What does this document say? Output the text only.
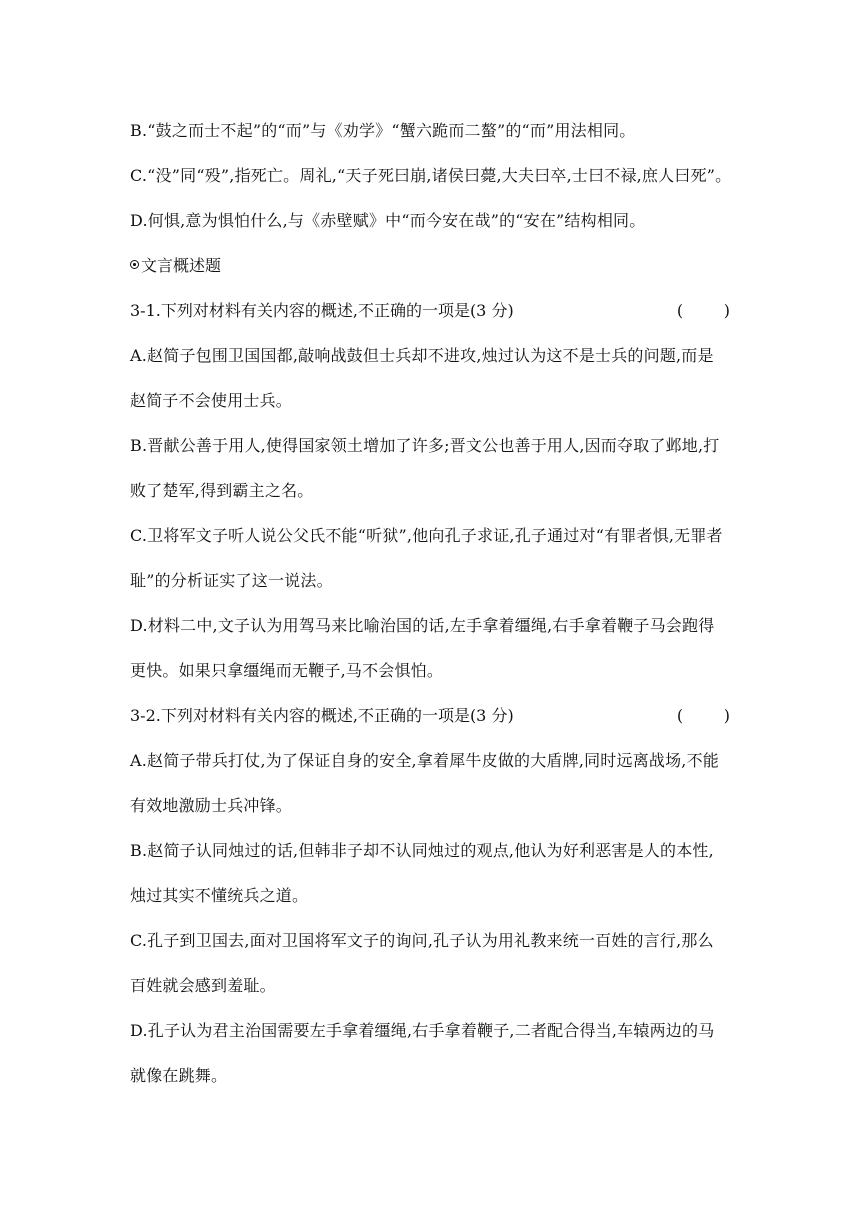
B.“鼓之而士不起”的“而”与《劝学》“蟹六跪而二螯”的“而”用法相同。
C.“没”同“殁”,指死亡。周礼,“天子死曰崩,诸侯曰薨,大夫曰卒,士曰不禄,庶人曰死”。
D.何惧,意为惧怕什么,与《赤壁赋》中“而今安在哉”的“安在”结构相同。
文言概述题
3-1.下列对材料有关内容的概述,不正确的一项是(3 分)	(        )
A.赵简子包围卫国国都,敲响战鼓但士兵却不进攻,烛过认为这不是士兵的问题,而是
赵简子不会使用士兵。
B.晋献公善于用人,使得国家领土增加了许多;晋文公也善于用人,因而夺取了邺地,打
败了楚军,得到霸主之名。
C.卫将军文子听人说公父氏不能“听狱”,他向孔子求证,孔子通过对“有罪者惧,无罪者
耻”的分析证实了这一说法。
D.材料二中,文子认为用驾马来比喻治国的话,左手拿着缰绳,右手拿着鞭子马会跑得
更快。如果只拿缰绳而无鞭子,马不会惧怕。
3-2.下列对材料有关内容的概述,不正确的一项是(3 分)	(        )
A.赵简子带兵打仗,为了保证自身的安全,拿着犀牛皮做的大盾牌,同时远离战场,不能
有效地激励士兵冲锋。
B.赵简子认同烛过的话,但韩非子却不认同烛过的观点,他认为好利恶害是人的本性,
烛过其实不懂统兵之道。
C.孔子到卫国去,面对卫国将军文子的询问,孔子认为用礼教来统一百姓的言行,那么
百姓就会感到羞耻。
D.孔子认为君主治国需要左手拿着缰绳,右手拿着鞭子,二者配合得当,车辕两边的马
就像在跳舞。
